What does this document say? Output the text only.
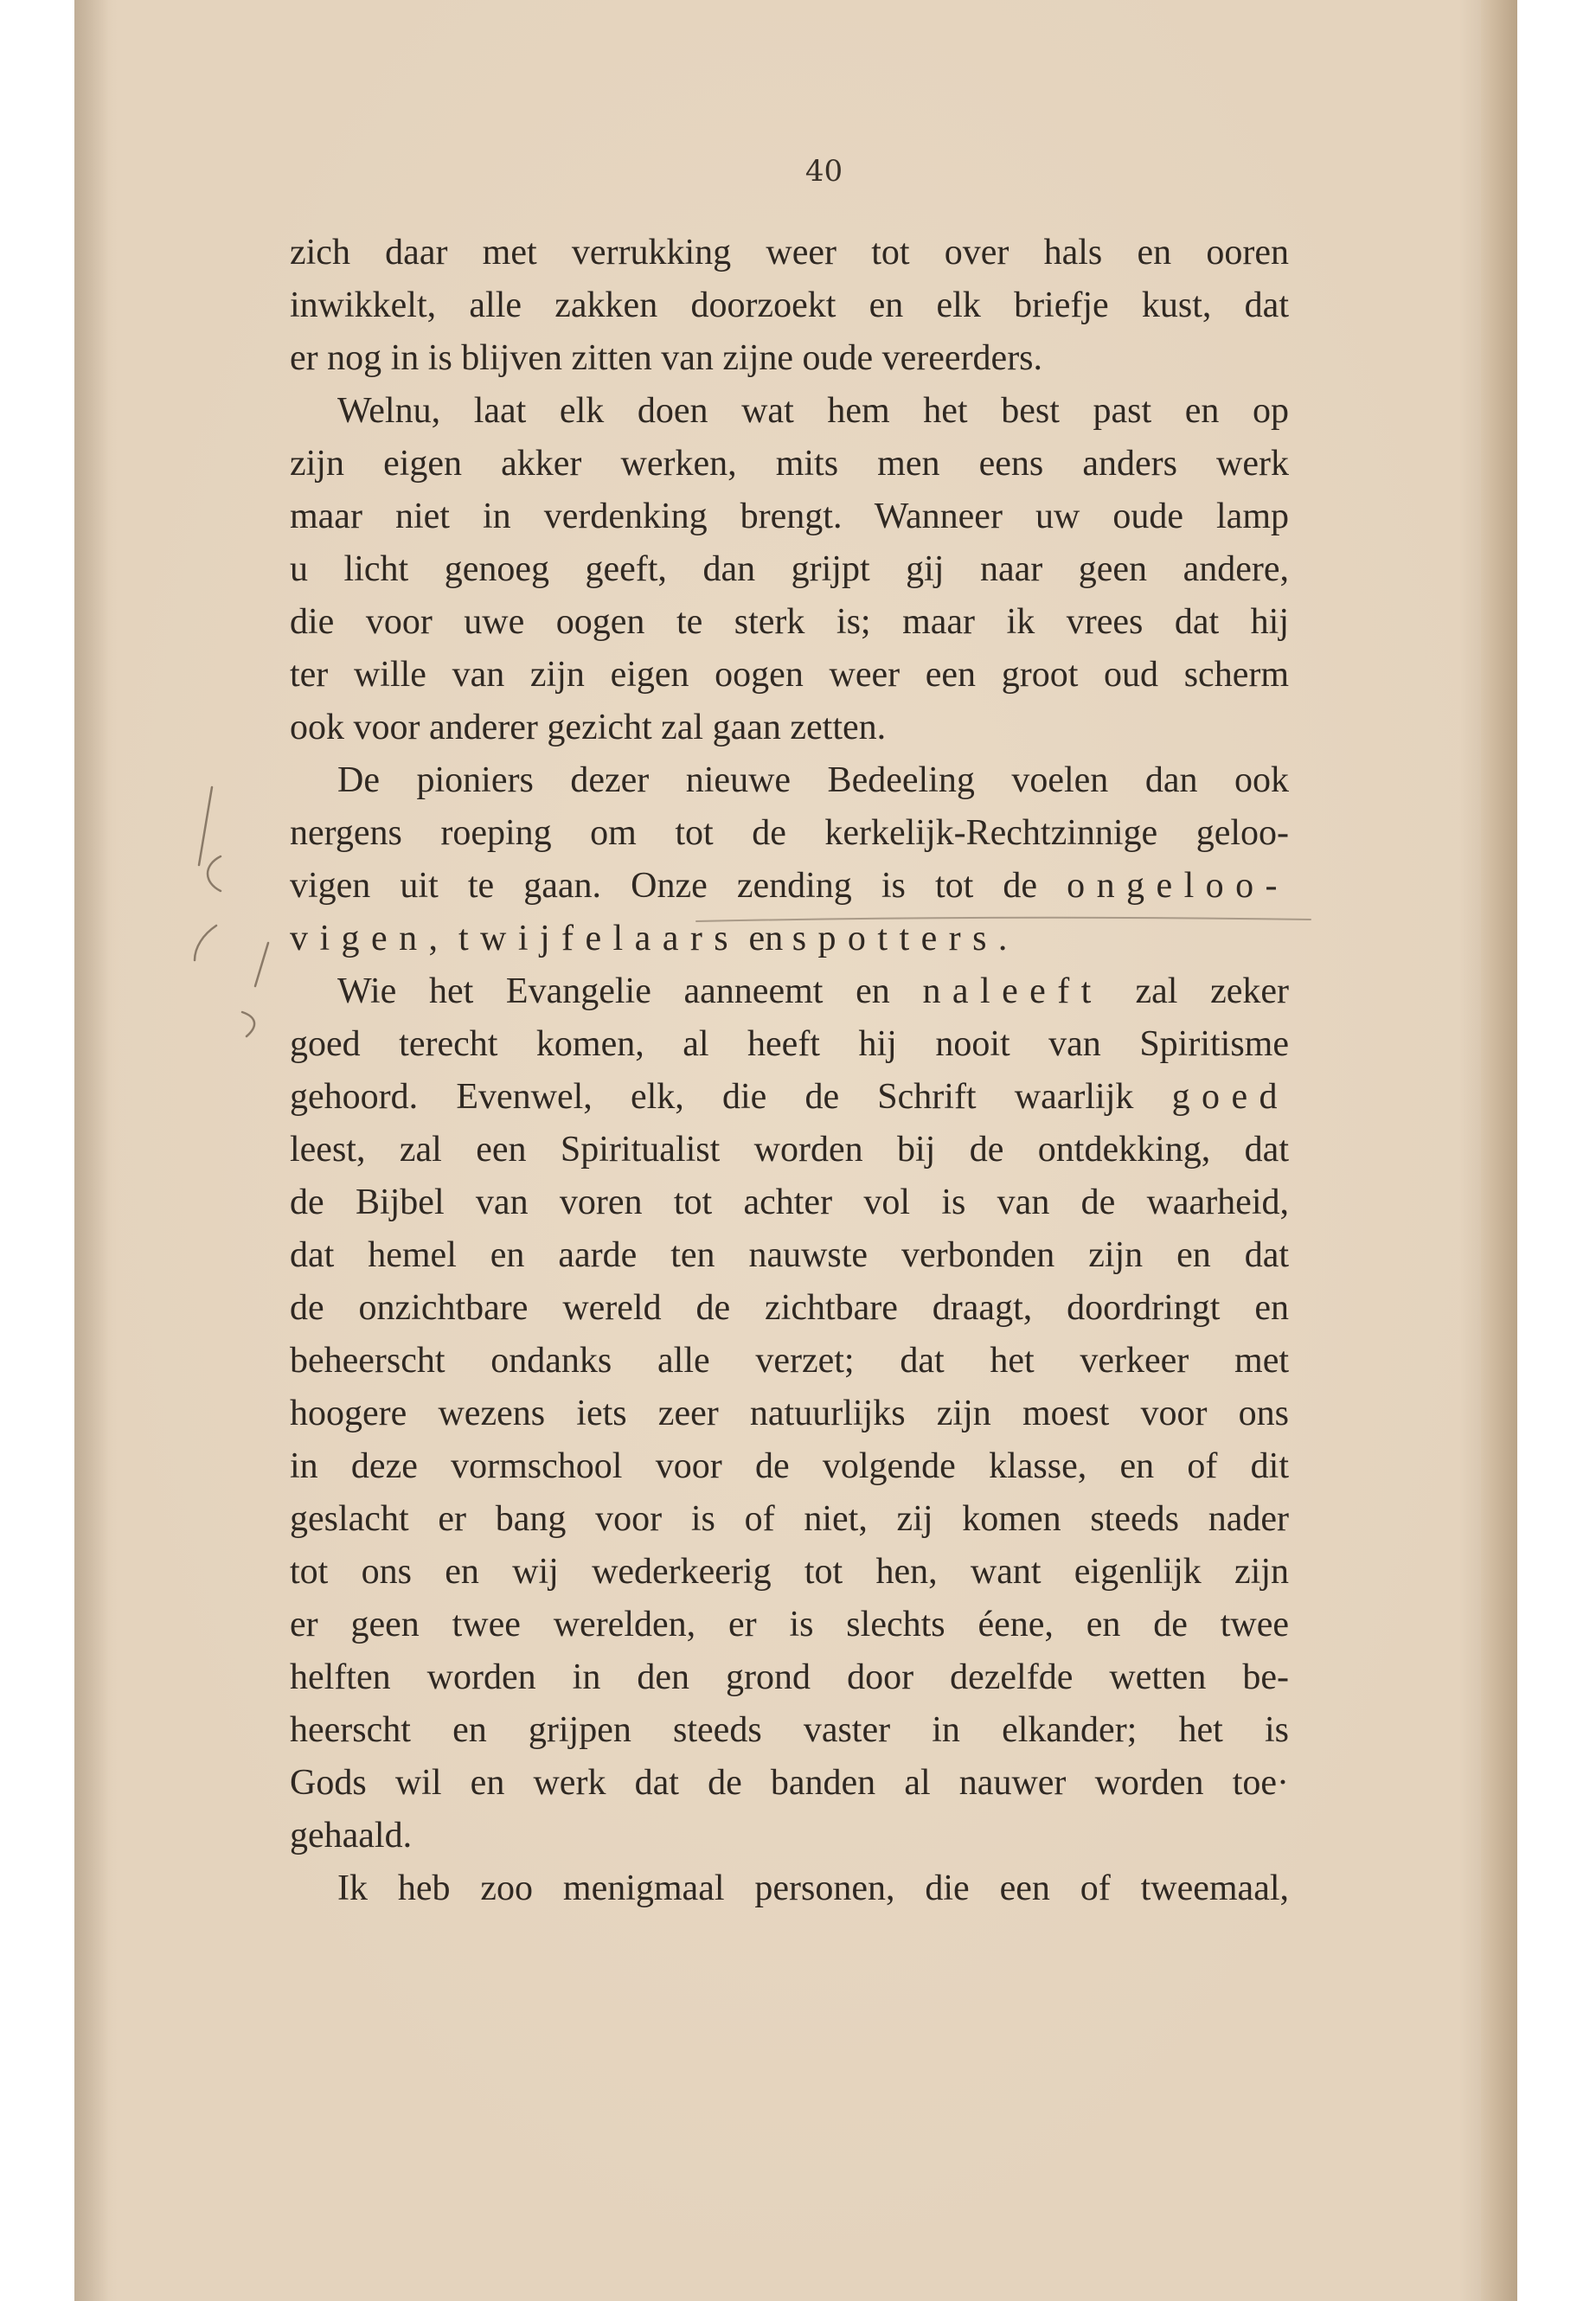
40
zich daar met verrukking weer tot over hals en ooren
inwikkelt, alle zakken doorzoekt en elk briefje kust, dat
er nog in is blijven zitten van zijne oude vereerders.
Welnu, laat elk doen wat hem het best past en op
zijn eigen akker werken, mits men eens anders werk
maar niet in verdenking brengt. Wanneer uw oude lamp
u licht genoeg geeft, dan grijpt gij naar geen andere,
die voor uwe oogen te sterk is; maar ik vrees dat hij
ter wille van zijn eigen oogen weer een groot oud scherm
ook voor anderer gezicht zal gaan zetten.
De pioniers dezer nieuwe Bedeeling voelen dan ook
nergens roeping om tot de kerkelijk-Rechtzinnige geloo-
vigen uit te gaan. Onze zending is tot de ongeloo-
vigen, twijfelaars en spotters.
Wie het Evangelie aanneemt en naleeft zal zeker
goed terecht komen, al heeft hij nooit van Spiritisme
gehoord. Evenwel, elk, die de Schrift waarlijk goed
leest, zal een Spiritualist worden bij de ontdekking, dat
de Bijbel van voren tot achter vol is van de waarheid,
dat hemel en aarde ten nauwste verbonden zijn en dat
de onzichtbare wereld de zichtbare draagt, doordringt en
beheerscht ondanks alle verzet; dat het verkeer met
hoogere wezens iets zeer natuurlijks zijn moest voor ons
in deze vormschool voor de volgende klasse, en of dit
geslacht er bang voor is of niet, zij komen steeds nader
tot ons en wij wederkeerig tot hen, want eigenlijk zijn
er geen twee werelden, er is slechts éene, en de twee
helften worden in den grond door dezelfde wetten be-
heerscht en grijpen steeds vaster in elkander; het is
Gods wil en werk dat de banden al nauwer worden toe·
gehaald.
Ik heb zoo menigmaal personen, die een of tweemaal,
